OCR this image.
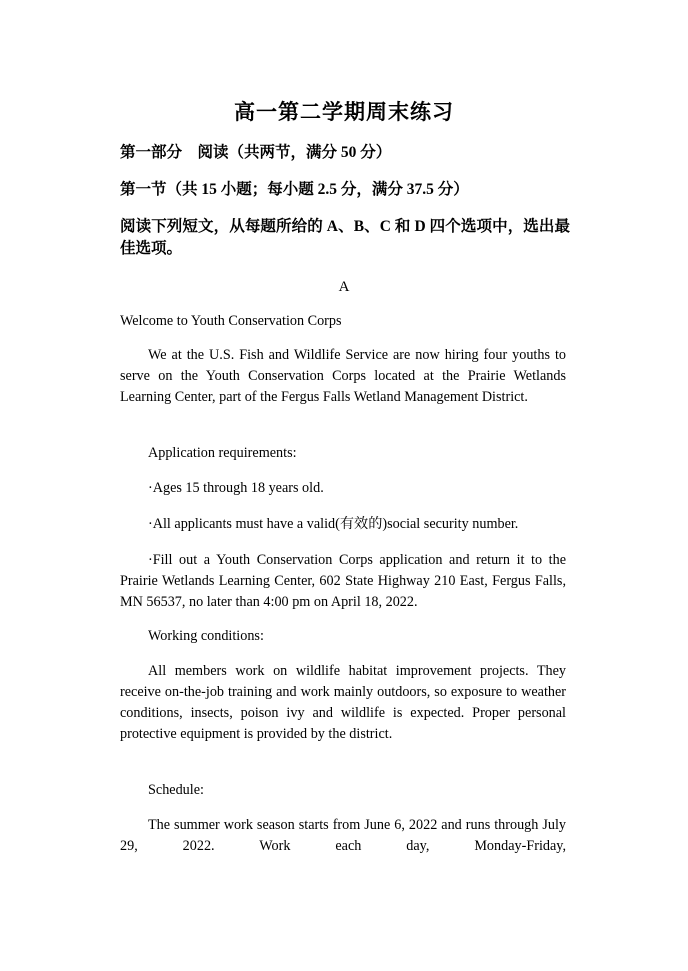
高一第二学期周末练习
第一部分　阅读（共两节，满分 50 分）
第一节（共 15 小题；每小题 2.5 分，满分 37.5 分）
阅读下列短文，从每题所给的 A、B、C 和 D 四个选项中，选出最佳选项。
A
Welcome to Youth Conservation Corps
We at the U.S. Fish and Wildlife Service are now hiring four youths to serve on the Youth Conservation Corps located at the Prairie Wetlands Learning Center, part of the Fergus Falls Wetland Management District.
Application requirements:
·Ages 15 through 18 years old.
·All applicants must have a valid(有效的)social security number.
·Fill out a Youth Conservation Corps application and return it to the Prairie Wetlands Learning Center, 602 State Highway 210 East, Fergus Falls, MN 56537, no later than 4:00 pm on April 18, 2022.
Working conditions:
All members work on wildlife habitat improvement projects. They receive on-the-job training and work mainly outdoors, so exposure to weather conditions, insects, poison ivy and wildlife is expected. Proper personal protective equipment is provided by the district.
Schedule:
The summer work season starts from June 6, 2022 and runs through July 29, 2022. Work each day, Monday-Friday,
